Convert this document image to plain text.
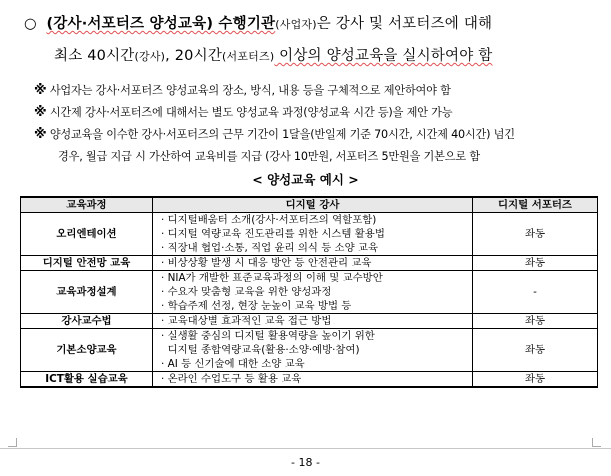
○ (강사·서포터즈 양성교육) 수행기관(사업자)은 강사 및 서포터즈에 대해
최소 40시간(강사), 20시간(서포터즈) 이상의 양성교육을 실시하여야 함
※ 사업자는 강사·서포터즈 양성교육의 장소, 방식, 내용 등을 구체적으로 제안하여야 함
※ 시간제 강사·서포터즈에 대해서는 별도 양성교육 과정(양성교육 시간 등)을 제안 가능
※ 양성교육을 이수한 강사·서포터즈의 근무 기간이 1달을(반일제 기준 70시간, 시간제 40시간) 넘긴
경우, 월급 지급 시 가산하여 교육비를 지급 (강사 10만원, 서포터즈 5만원을 기본으로 함
< 양성교육 예시 >
교육과정	디지털 강사	디지털 서포터즈
오리엔테이션	· 디지털배움터 소개(강사·서포터즈의 역할포함)
· 디지털 역량교육 진도관리를 위한 시스템 활용법
· 직장내 협업·소통, 직업 윤리 의식 등 소양 교육	좌동
디지털 안전망 교육	· 비상상황 발생 시 대응 방안 등 안전관리 교육	좌동
교육과정설계	· NIA가 개발한 표준교육과정의 이해 및 교수방안
· 수요자 맞춤형 교육을 위한 양성과정
· 학습주제 선정, 현장 눈높이 교육 방법 등	-
강사교수법	· 교육대상별 효과적인 교육 접근 방법	좌동
기본소양교육	· 실생활 중심의 디지털 활용역량을 높이기 위한
디지털 종합역량교육(활용·소양·예방·참여)
· AI 등 신기술에 대한 소양 교육	좌동
ICT활용 실습교육	· 온라인 수업도구 등 활용 교육	좌동
- 18 -
